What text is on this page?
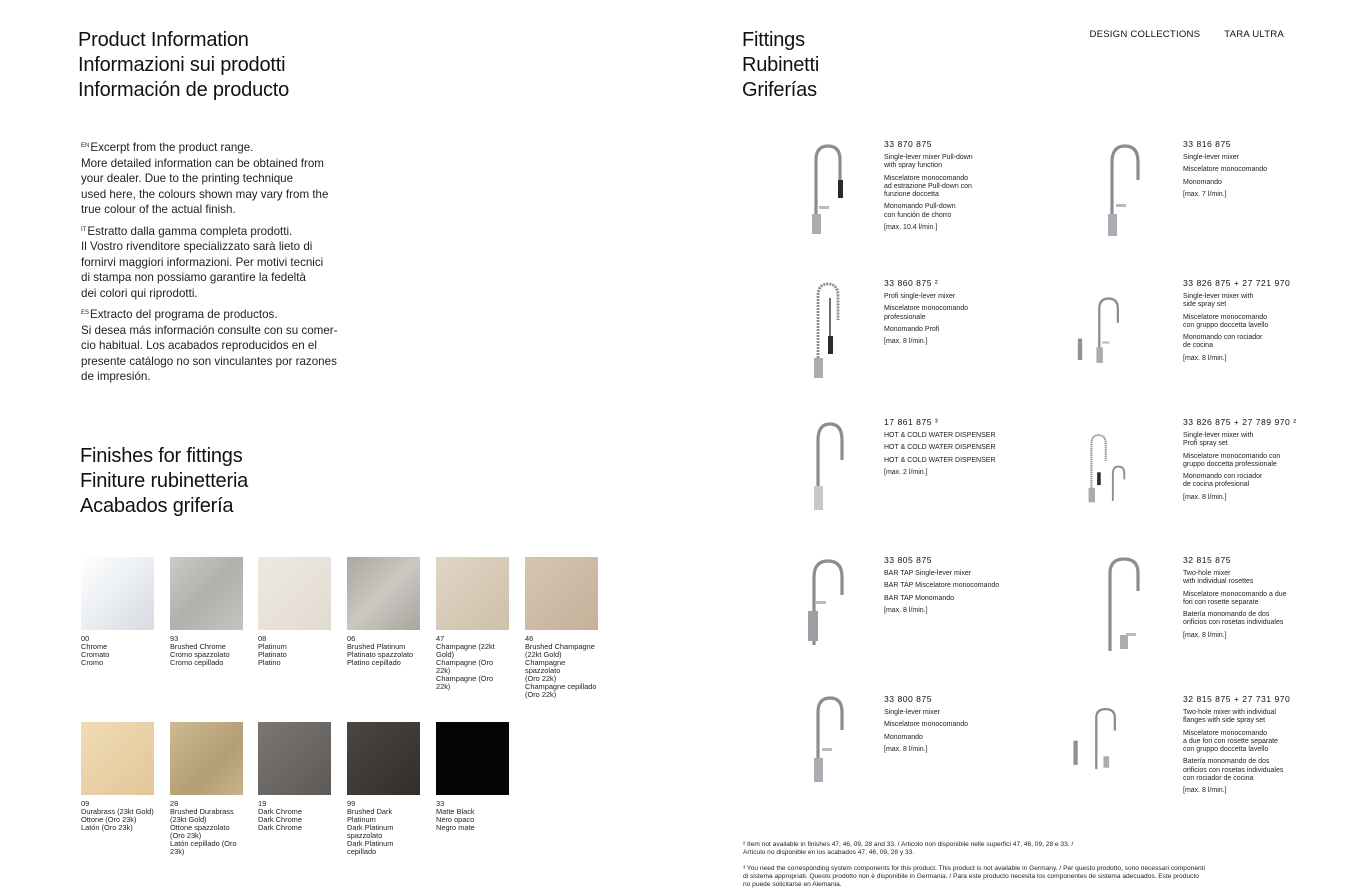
Product Information
Informazioni sui prodotti
Información de producto

$^{EN}$Excerpt from the product range.
More detailed information can be obtained from
your dealer. Due to the printing technique
used here, the colours shown may vary from the
true colour of the actual finish.

$^{IT}$Estratto dalla gamma completa prodotti.
Il Vostro rivenditore specializzato sarà lieto di
fornirvi maggiori informazioni. Per motivi tecnici
di stampa non possiamo garantire la fedeltà
dei colori qui riprodotti.

$^{ES}$Extracto del programa de productos.
Si desea más información consulte con su comer-
cio habitual. Los acabados reproducidos en el
presente catálogo no son vinculantes por razones
de impresión.

Finishes for fittings
Finiture rubinetteria
Acabados grifería
00
Chrome
Cromato
Cromo
93
Brushed Chrome
Cromo spazzolato
Cromo cepillado
08
Platinum
Platinato
Platino
06
Brushed Platinum
Platinato spazzolato
Platino cepillado
47
Champagne (22kt Gold)
Champagne (Oro 22k)
Champagne (Oro 22k)
46
Brushed Champagne
(22kt Gold)
Champagne spazzolato
(Oro 22k)
Champagne cepillado
(Oro 22k)
09
Durabrass (23kt Gold)
Ottone (Oro 23k)
Latón (Oro 23k)
28
Brushed Durabrass
(23kt Gold)
Ottone spazzolato
(Oro 23k)
Latón cepillado (Oro 23k)
19
Dark Chrome
Dark Chrome
Dark Chrome
99
Brushed Dark Platinum
Dark Platinum spazzolato
Dark Platinum cepillado
33
Matte Black
Nero opaco
Negro mate
Fittings
Rubinetti
Griferías
DESIGN COLLECTIONS	TARA ULTRA
33 870 875
Single-lever mixer Pull-down
with spray function
Miscelatore monocomando
ad estrazione Pull-down con
funzione doccetta
Monomando Pull-down
con función de chorro
[max. 10,4 l/min.]
33 816 875
Single-lever mixer
Miscelatore monocomando
Monomando
[max. 7 l/min.]
33 860 875 ²
Profi single-lever mixer
Miscelatore monocomando
professionale
Monomando Profi
[max. 8 l/min.]
33 826 875 + 27 721 970
Single-lever mixer with
side spray set
Miscelatore monocomando
con gruppo doccetta lavello
Monomando con rociador
de cocina
[max. 8 l/min.]
17 861 875 ³
HOT & COLD WATER DISPENSER
HOT & COLD WATER DISPENSER
HOT & COLD WATER DISPENSER
[max. 2 l/min.]
33 826 875 + 27 789 970 ²
Single-lever mixer with
Profi spray set
Miscelatore monocomando con
gruppo doccetta professionale
Monomando con rociador
de cocina profesional
[max. 8 l/min.]
33 805 875
BAR TAP Single-lever mixer
BAR TAP Miscelatore monocomando
BAR TAP Monomando
[max. 8 l/min.]
32 815 875
Two-hole mixer
with individual rosettes
Miscelatore monocomando a due
fori con rosette separate
Batería monomando de dos
orificios con rosetas individuales
[max. 8 l/min.]
33 800 875
Single-lever mixer
Miscelatore monocomando
Monomando
[max. 8 l/min.]
32 815 875 + 27 731 970
Two-hole mixer with individual
flanges with side spray set
Miscelatore monocomando
a due fori con rosette separate
con gruppo doccetta lavello
Batería monomando de dos
orificios con rosetas individuales
con rociador de cocina
[max. 8 l/min.]

² Item not available in finishes 47, 46, 09, 28 and 33. / Articolo non disponibile nelle superfici 47, 46, 09, 28 e 33. /
Artículo no disponible en los acabados 47, 46, 09, 28 y 33.

³ You need the corresponding system components for this product. This product is not available in Germany. / Per questo prodotto, sono necessari componenti
di sistema appropriati. Questo prodotto non è disponibile in Germania. / Para este producto necesita los componentes de sistema adecuados. Este producto
no puede solicitarse en Alemania.
